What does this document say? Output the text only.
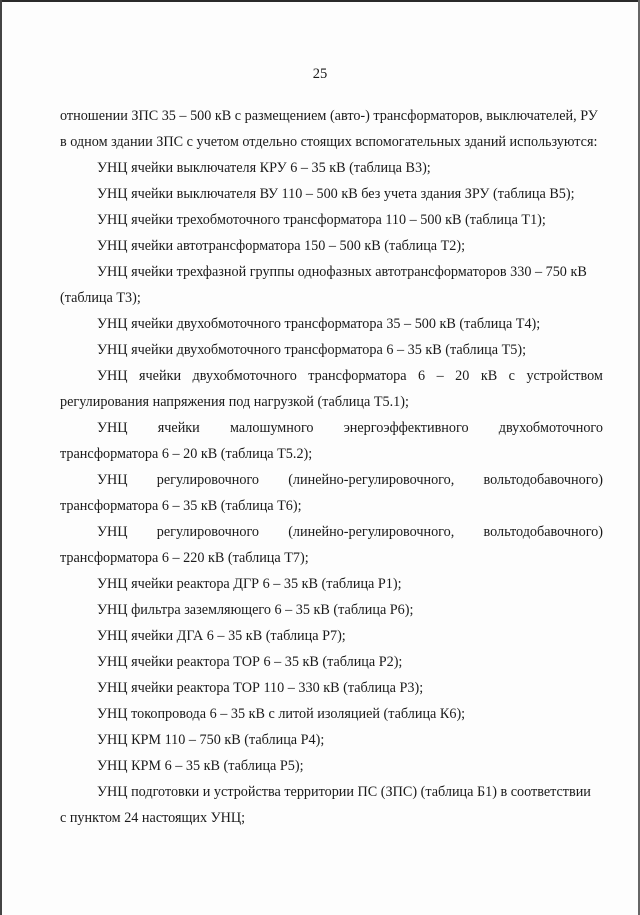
25
отношении ЗПС 35 – 500 кВ с размещением (авто-) трансформаторов, выключателей, РУ
в одном здании ЗПС с учетом отдельно стоящих вспомогательных зданий используются:
УНЦ ячейки выключателя КРУ 6 – 35 кВ (таблица В3);
УНЦ ячейки выключателя ВУ 110 – 500 кВ без учета здания ЗРУ (таблица В5);
УНЦ ячейки трехобмоточного трансформатора 110 – 500 кВ (таблица Т1);
УНЦ ячейки автотрансформатора 150 – 500 кВ (таблица Т2);
УНЦ ячейки трехфазной группы однофазных автотрансформаторов 330 – 750 кВ
(таблица Т3);
УНЦ ячейки двухобмоточного трансформатора 35 – 500 кВ (таблица Т4);
УНЦ ячейки двухобмоточного трансформатора 6 – 35 кВ (таблица Т5);
УНЦ ячейки двухобмоточного трансформатора 6 – 20 кВ с устройством
регулирования напряжения под нагрузкой (таблица Т5.1);
УНЦ ячейки малошумного энергоэффективного двухобмоточного
трансформатора 6 – 20 кВ (таблица Т5.2);
УНЦ регулировочного (линейно-регулировочного, вольтодобавочного)
трансформатора 6 – 35 кВ (таблица Т6);
УНЦ регулировочного (линейно-регулировочного, вольтодобавочного)
трансформатора 6 – 220 кВ (таблица Т7);
УНЦ ячейки реактора ДГР 6 – 35 кВ (таблица Р1);
УНЦ фильтра заземляющего 6 – 35 кВ (таблица Р6);
УНЦ ячейки ДГА 6 – 35 кВ (таблица Р7);
УНЦ ячейки реактора ТОР 6 – 35 кВ (таблица Р2);
УНЦ ячейки реактора ТОР 110 – 330 кВ (таблица Р3);
УНЦ токопровода 6 – 35 кВ с литой изоляцией (таблица К6);
УНЦ КРМ 110 – 750 кВ (таблица Р4);
УНЦ КРМ 6 – 35 кВ (таблица Р5);
УНЦ подготовки и устройства территории ПС (ЗПС) (таблица Б1) в соответствии
с пунктом 24 настоящих УНЦ;
